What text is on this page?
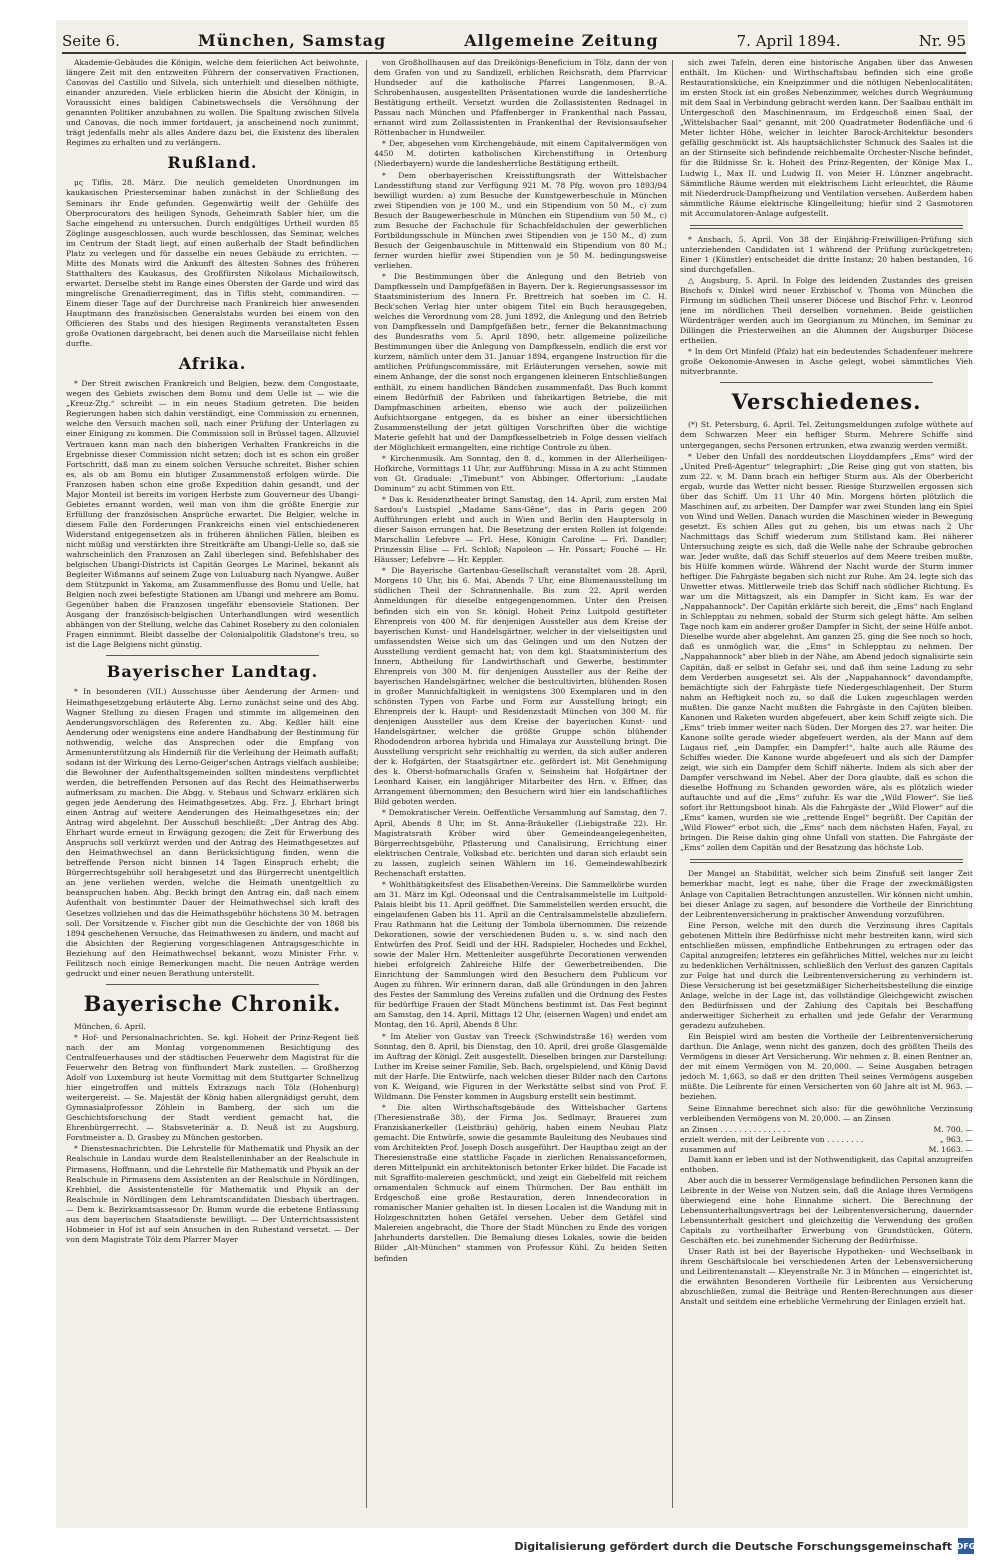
Seite 6.	München, Samstag	Allgemeine Zeitung	7. April 1894.	Nr. 95

Akademie-Gebäudes die Königin, welche dem feierlichen Act beiwohnte, längere Zeit mit den entzweiten Führern der conservativen Fractionen, Canovas del Castillo und Silvela, sich unterhielt und dieselben nöthigte, einander anzureden. Viele erblicken hierin die Absicht der Königin, in Voraussicht eines baldigen Cabinetswechsels die Versöhnung der genannten Politiker anzubahnen zu wollen. Die Spaltung zwischen Silvela und Canovas, die noch immer fortdauert, ja anscheinend noch zunimmt, trägt jedenfalls mehr als alles Andere dazu bei, die Existenz des liberalen Regimes zu erhalten und zu verlängern.

Rußland.

μς Tiflis, 28. März. Die neulich gemeldeten Unordnungen im kaukasischen Priesterseminar haben zunächst in der Schließung des Seminars ihr Ende gefunden. Gegenwärtig weilt der Gehülfe des Oberprocurators des heiligen Synods, Geheimrath Sabler hier, um die Sache eingehend zu untersuchen. Durch endgültiges Urtheil wurden 85 Zöglinge ausgeschlossen, auch wurde beschlossen, das Seminar, welches im Centrum der Stadt liegt, auf einen außerhalb der Stadt befindlichen Platz zu verlegen und für dasselbe ein neues Gebäude zu errichten. — Mitte des Monats wird die Ankunft des ältesten Sohnes des früheren Statthalters des Kaukasus, des Großfürsten Nikolaus Michailowitsch, erwartet. Derselbe steht im Range eines Obersten der Garde und wird das mingrelische Grenadierregiment, das in Tiflis steht, commandiren. — Einem dieser Tage auf der Durchreise nach Frankreich hier anwesenden Hauptmann des französischen Generalstabs wurden bei einem von den Officieren des Stabs und des hiesigen Regiments veranstalteten Essen große Ovationen dargebracht, bei denen auch die Marseillaise nicht fehlen durfte.

Afrika.

* Der Streit zwischen Frankreich und Belgien, bezw. dem Congostaate, wegen des Gebiets zwischen dem Bomu und dem Uelle ist — wie die „Kreuz-Ztg.“ schreibt — in ein neues Stadium getreten. Die beiden Regierungen haben sich dahin verständigt, eine Commission zu ernennen, welche den Versuch machen soll, nach einer Prüfung der Unterlagen zu einer Einigung zu kommen. Die Commission soll in Brüssel tagen. Allzuviel Vertrauen kann man nach den bisherigen Verhalten Frankreichs in die Ergebnisse dieser Commission nicht setzen; doch ist es schon ein großer Fortschritt, daß man zu einem solchen Versuche schreitet. Bisher schien es, als ob am Bomu ein blutiger Zusammenstoß erfolgen würde. Die Franzosen haben schon eine große Expedition dahin gesandt, und der Major Monteil ist bereits im vorigen Herbste zum Gouverneur des Ubangi-Gebietes ernannt worden, weil man von ihm die größte Energie zur Erfüllung der französischen Ansprüche erwartet. Die Belgier, welche in diesem Falle den Forderungen Frankreichs einen viel entschiedeneren Widerstand entgegensetzen als in früheren ähnlichen Fällen, bleiben es nicht müßig und verstärkten ihre Streitkräfte am Ubangi-Uelle so, daß sie wahrscheinlich den Franzosen an Zahl überlegen sind. Befehlshaber des belgischen Ubangi-Districts ist Capitän Georges Le Marinel, bekannt als Begleiter Wißmanns auf seinem Zuge von Luluaburg nach Nyangwe. Außer dem Stützpunkt in Yakoma, am Zusammenflusse des Bomu und Uelle, hat Belgien noch zwei befestigte Stationen am Ubangi und mehrere am Bomu. Gegenüber haben die Franzosen ungefähr ebensoviele Stationen. Der Ausgang der französisch-belgischen Unterhandlungen wird wesentlich abhängen von der Stellung, welche das Cabinet Rosebery zu den colonialen Fragen einnimmt. Bleibt dasselbe der Colonialpolitik Gladstone's treu, so ist die Lage Belgiens nicht günstig.

Bayerischer Landtag.

* In besonderen (VII.) Ausschusse über Aenderung der Armen- und Heimathgesetzgebung erläuterte Abg. Lerno zunächst seine und des Abg. Wagner Stellung zu diesen Fragen und stimmte im allgemeinen den Aenderungsvorschlägen des Referenten zu. Abg. Keßler hält eine Aenderung oder wenigstens eine andere Handhabung der Bestimmung für nothwendig, welche das Ansprechen oder die Empfang von Armenunterstützung als Hinderniß für die Verleihung der Heimath auffaßt; sodann ist der Wirkung des Lerno-Geiger'schen Antrags vielfach ausbleibe; die Bewohner der Aufenthaltsgemeinden sollten mindestens verpflichtet werden, die betreffenden Personen auf das Recht des Heimathserwerbs aufmerksam zu machen. Die Abgg. v. Stebaus und Schwarz erklären sich gegen jede Aenderung des Heimathgesetzes. Abg. Frz. J. Ehrhart bringt einen Antrag auf weitere Aenderungen des Heimathgesetzes ein; der Antrag wird abgelehnt. Der Ausschuß beschließt: „Der Antrag des Abg. Ehrhart wurde erneut in Erwägung gezogen; die Zeit für Erwerbung des Anspruchs soll verkürzt werden und der Antrag des Heimathgesetzes auf den Heimathwechsel an dann Berücksichtigung finden, wenn die betreffende Person nicht binnen 14 Tagen Einspruch erhebt; die Bürgerrechtsgebühr soll herabgesetzt und das Bürgerrecht unentgeltlich an jene verliehen werden, welche die Heimath unentgeltlich zu beanspruchen haben. Abg. Beckh bringt den Antrag ein, daß nach einem Aufenthalt von bestimmter Dauer der Heimathwechsel sich kraft des Gesetzes vollziehen und das die Heimathsgebühr höchstens 30 M. betragen soll. Der Vorsitzende v. Fischer gibt nun die Geschichte der von 1868 bis 1894 geschehenen Versuche, das Heimathwesen zu ändern, und macht auf die Absichten der Regierung vorgeschlagenen Antragsgeschichte in Beziehung auf den Heimathwechsel bekannt, wozu Minister Frhr. v. Feilitzsch noch einige Bemerkungen macht. Die neuen Anträge werden gedruckt und einer neuen Berathung unterstellt.

Bayerische Chronik.

München, 6. April.

* Hof- und Personalnachrichten. Se. kgl. Hoheit der Prinz-Regent ließ nach der am Montag vorgenommenen Besichtigung des Centralfeuerhauses und der städtischen Feuerwehr dem Magistrat für die Feuerwehr den Betrag von fünfhundert Mark zustellen. — Großherzog Adolf von Luxemburg ist heute Vormittag mit dem Stuttgarter Schnellzug hier eingetroffen und mittels Extrazugs nach Tölz (Hohenburg) weitergereist. — Se. Majestät der König haben allergnädigst geruht, dem Gymnasialprofessor Zöhlein in Bamberg, der sich um die Geschichtsforschung der Stadt verdient gemacht hat, die Ehrenbürgerrecht. — Stabsveterinär a. D. Neuß ist zu Augsburg, Forstmeister a. D. Grasbey zu München gestorben.

* Dienstesnachrichten. Die Lehrstelle für Mathematik und Physik an der Realschule in Landau wurde dem Realstelleninhaber an der Realschule in Pirmasens, Hoffmann, und die Lehrstelle für Mathematik und Physik an der Realschule in Pirmasens dem Assistenten an der Realschule in Nördlingen, Krehbiel, die Assistentenstelle für Mathematik und Physik an der Realschule in Nördlingen dem Lehramtscandidaten Diesbach übertragen. — Dem k. Bezirksamtsassessor Dr. Bumm wurde die erbetene Entlassung aus dem bayerischen Staatsdienste bewilligt. — Der Unterrichtsassistent Hobmeier in Hof ist auf sein Ansuchen in den Ruhestand versetzt. — Der von dem Magistrate Tölz dem Pfarrer Mayer

von Großhollhausen auf das Dreikönigs-Beneficium in Tölz, dann der von dem Grafen von und zu Sandizell, erblichen Reichsrath, dem Pfarrvicar Hundseder auf die katholische Pfarrei Langenmosen, B.-A. Schrobenhausen, ausgestellten Präsentationen wurde die landesherrliche Bestätigung ertheilt. Versetzt wurden die Zollassistenten Rednagel in Passau nach München und Pfaffenberger in Frankenthal nach Passau, ernannt wird zum Zollassistenten in Frankenthal der Revisionsaufseher Röttenbacher in Hundweiler.

* Der, abgesehen vom Kirchengebäude, mit einem Capitalvermögen von 4450 M. dotirten katholischen Kirchenstiftung in Ortenburg (Niederbayern) wurde die landesherrliche Bestätigung ertheilt.

* Dem oberbayerischen Kreisstiftungsrath der Wittelsbacher Landesstiftung stand zur Verfügung 921 M. 78 Pfg. wovon pro 1893/94 bewilligt wurden: a) zum Besuche der Kunstgewerbeschule in München zwei Stipendien von je 100 M., und ein Stipendium von 50 M., c) zum Besuch der Baugewerbeschule in München ein Stipendium von 50 M., c) zum Besuche der Fachschule für Schachfeldschulen der gewerblichen Fortbildungsschule in München zwei Stipendien von je 150 M., d) zum Besuch der Geigenbauschule in Mittenwald ein Stipendium von 80 M.; ferner wurden hiefür zwei Stipendien von je 50 M. bedingungsweise verliehen.

* Die Bestimmungen über die Anlegung und den Betrieb von Dampfkesseln und Dampfgefäßen in Bayern. Der k. Regierungsassessor im Staatsministerium des Innern Fr. Brettreich hat soeben im C. H. Beck'schen Verlag hier unter obigem Titel ein Buch herausgegeben, welches die Verordnung vom 28. Juni 1892, die Anlegung und den Betrieb von Dampfkesseln und Dampfgefäßen betr., ferner die Bekanntmachung des Bundesraths vom 5. April 1890, betr. allgemeine polizeiliche Bestimmungen über die Anlegung von Dampfkesseln, endlich die erst vor kurzem, nämlich unter dem 31. Januar 1894, ergangene Instruction für die amtlichen Prüfungscommissäre, mit Erläuterungen versehen, sowie mit einem Anhange, der die sonst noch ergangenen kleineren Entschließungen enthält, zu einem handlichen Bändchen zusammenfaßt. Das Buch kommt einem Bedürfniß der Fabriken und fabrikartigen Betriebe, die mit Dampfmaschinen arbeiten, ebenso wie auch der polizeilichen Aufsichtsorgane entgegen, da es bisher an einer übersichtlichen Zusammenstellung der jetzt gültigen Vorschriften über die wichtige Materie gefehlt hat und der Dampfkesselbetrieb in Folge dessen vielfach der Möglichkeit ermangelten, eine richtige Controle zu üben.

* Kirchenmusik. Am Sonntag, den 8. d., kommen in der Allerheiligen-Hofkirche, Vormittags 11 Uhr, zur Aufführung: Missa in A zu acht Stimmen von Gt. Graduale: „Timebunt“ von Abbinger. Offertorium: „Laudate Dominum“ zu acht Stimmen von Ett.

* Das k. Residenztheater bringt Samstag, den 14. April, zum ersten Mal Sardou's Lustspiel „Madame Sans-Gêne“, das in Paris gegen 200 Aufführungen erlebt und auch in Wien und Berlin den Hauptersolg in dieser Saison errungen hat. Die Besetzung der ersten Rollen ist folgende: Marschallin Lefebvre — Frl. Hese, Königin Caroline — Frl. Dandler; Prinzessin Elise — Frl. Schloß; Napoleon — Hr. Possart; Fouché — Hr. Häusser; Lefebvre — Hr. Keppler.

* Die Bayerische Gartenbau-Gesellschaft veranstaltet vom 28. April, Morgens 10 Uhr, bis 6. Mai, Abends 7 Uhr, eine Blumenausstellung im südlichen Theil der Schrannenhalle. Bis zum 22. April werden Anmeldungen für dieselbe entgegengenommen. Unter den Preisen befinden sich ein von Sr. königl. Hoheit Prinz Luitpold gestifteter Ehrenpreis von 400 M. für denjenigen Aussteller aus dem Kreise der bayerischen Kunst- und Handelsgärtner, welcher in der vielseitigsten und umfassendsten Weise sich um das Gelingen und um den Nutzen der Ausstellung verdient gemacht hat; von dem kgl. Staatsministerium des Innern, Abtheilung für Landwirthschaft und Gewerbe, bestimmter Ehrenpreis von 300 M. für denjenigen Aussteller aus der Reihe der bayerischen Handelsgärtner, welcher die bestcultivirten, blühenden Rosen in großer Mannichfaltigkeit in wenigstens 300 Exemplaren und in den schönsten Typen von Farbe und Form zur Ausstellung bringt; ein Ehrenpreis der k. Haupt- und Residenzstadt München von 300 M. für denjenigen Aussteller aus dem Kreise der bayerischen Kunst- und Handelsgärtner, welcher die größte Gruppe schön blühender Rhododendron arborea hybrida und Himalaya zur Ausstellung bringt. Die Ausstellung verspricht sehr reichhaltig zu werden, da sich außer anderen der k. Hofgärten, der Staatsgärtner etc. gefördert ist. Mit Genehmigung des k. Oberst-hofmarschalls Grafen v. Seinsheim hat Hofgärtner der Leonhard Kaiser, ein langjähriger Mitarbeiter des Hrn. v. Effner, das Arrangement übernommen; den Besuchern wird hier ein landschaftliches Bild geboten werden.

* Demokratischer Verein. Oeffentliche Versammlung auf Samstag, den 7. April, Abends 8 Uhr, im St. Anna-Bräukeller (Liebigstraße 22). Hr. Magistratsrath Kröber wird über Gemeindeangelegenheiten, Bürgerrechtsgebühr, Pflasterung und Canalisirung, Errichtung einer elektrischen Centrale, Volksbad etc. berichten und daran sich erlaubt sein zu lassen, zugleich seinen Wählern im 16. Gemeindewahlbezirk Rechenschaft erstatten.

* Wohlthätigkeitsfest des Elisabethen-Vereins. Die Sammelkörbe wurden am 31. März im Kgl. Odeonsaal und die Centralsammelstelle im Luitpold-Palais bleibt bis 11. April geöffnet. Die Sammelstellen werden ersucht, die eingelaufenen Gaben bis 11. April an die Centralsammelstelle abzuliefern. Frau Rathmann hat die Leitung der Tombola übernommen. Die reizende Dekorationen, sowie der verschiedenen Buden u. s. w. sind nach den Entwürfen des Prof. Seidl und der HH. Radspieler, Hochedes und Eckhel, sowie der Maler Hrn. Mettenleiter ausgeführte Decorationen verwenden hiebei erfolgreich Zahlreiche Hilfe der Gewerbetreibenden. Die Einrichtung der Sammlungen wird den Besuchern dem Publicum vor Augen zu führen. Wir erinnern daran, daß alle Gründungen in den Jahren des Festes der Sammlung des Vereins zufallen und die Ordnung des Festes für bedürftige Frauen der Stadt Münchens bestimmt ist. Das Fest beginnt am Samstag, den 14. April, Mittags 12 Uhr, (eisernen Wagen) und endet am Montag, den 16. April, Abends 8 Uhr.

* Im Atelier von Gustav van Treeck (Schwindstraße 16) werden vom Sonntag, den 8. April, bis Dienstag, den 10. April, drei große Glasgemälde im Auftrag der Königl. Zeit ausgestellt. Dieselben bringen zur Darstellung: Luther im Kreise seiner Familie, Seb. Bach, orgelspielend, und König David mit der Harfe. Die Entwürfe, nach welchen dieser Bilder nach den Cartons von K. Weigand, wie Figuren in der Werkstätte selbst sind von Prof. F. Wildmann. Die Fenster kommen in Augsburg erstellt sein bestimmt.

* Die alten Wirthschaftsgebäude des Wittelsbacher Gartens (Theresienstraße 38), der Firma Jos. Sedlmayr, Brauerei zum Franziskanerkeller (Leistbräu) gehörig, haben einem Neubau Platz gemacht. Die Entwürfe, sowie die gesammte Bauleitung des Neubaues sind vom Architekten Prof. Joseph Dosch ausgeführt. Der Hauptbau zeigt an der Theresienstraße eine stattliche Façade in zierlichen Renaissanceformen, deren Mittelpunkt ein architektonisch betonter Erker bildet. Die Facade ist mit Sgraffito-malereien geschmückt, und zeigt ein Giebelfeld mit reichem ornamentalen Schmuck auf einem Thürmchen. Der Bau enthält im Erdgeschoß eine große Restauration, deren Innendecoration in romanischer Manier gehalten ist. In diesen Localen ist die Wandung mit in Holzgeschnitzten hohen Getäfel versehen. Ueber dem Getäfel sind Malereien angebracht, die Thore der Stadt München zu Ende des vorigen Jahrhunderts darstellen. Die Bemalung dieses Lokales, sowie die beiden Bilder „Alt-München“ stammen von Professor Kühl. Zu beiden Seiten befinden

sich zwei Tafeln, deren eine historische Angaben über das Anwesen enthält. Im Küchen- und Wirthschaftsbau befinden sich eine große Restaurationsküche, ein Kneipzimmer und die nöthigen Nebenlocalitäten; im ersten Stock ist ein großes Nebenzimmer, welches durch Wegräumung mit dem Saal in Verbindung gebracht werden kann. Der Saalbau enthält im Untergeschoß den Maschinenraum, im Erdgeschoß einen Saal, der „Wittelsbacher Saal“ genannt, mit 200 Quadratmeter Bodenfläche und 6 Meter lichter Höhe, welcher in leichter Barock-Architektur besonders gefällig geschmückt ist. Als hauptsächlichster Schmuck des Saales ist die an der Stirnseite sich befindende reichbemalte Orchester-Nische befindet, für die Bildnisse Sr. k. Hoheit des Prinz-Regenten, der Könige Max I., Ludwig I., Max II. und Ludwig II. von Meier H. Lünzner angebracht. Sämmtliche Räume werden mit elektrischem Licht erleuchtet, die Räume mit Niederdruck-Dampfheizung und Ventilation versehen. Außerdem haben sämmtliche Räume elektrische Klingelleitung; hiefür sind 2 Gasmotoren mit Accumulatoren-Anlage aufgestellt.

* Ansbach, 5. April. Von 38 der Einjährig-Freiwilligen-Prüfung sich unterziehenden Candidaten ist 1 während der Prüfung zurückgetreten; Einer 1 (Künstler) entscheidet die dritte Instanz; 20 haben bestanden, 16 sind durchgefallen.

△ Augsburg, 5. April. In Folge des leidenden Zustandes des greisen Bischofs v. Dinkel wird neuer Erzbischof v. Thoma von München die Firmung im südlichen Theil unserer Diöcese und Bischof Frhr. v. Leonrod jene im nördlichen Theil derselben vornehmen. Beide geistlichen Würdenträger werden auch im Georgianum zu München, im Seminar zu Dillingen die Priesterweihen an die Alumnen der Augsburger Diöcese ertheilen.

* In dem Ort Minfeld (Pfalz) hat ein bedeutendes Schadenfeuer mehrere große Oekonomie-Anwesen in Asche gelegt, wobei sämmtliches Vieh mitverbrannte.

Verschiedenes.

(*) St. Petersburg, 6. April. Tel. Zeitungsmeldungen zufolge wüthete auf dem Schwarzen Meer ein heftiger Sturm. Mehrere Schiffe sind untergegangen, sechs Personen ertrunken, etwa zwanzig werden vermißt.

* Ueber den Unfall des norddeutschen Lloyddampfers „Ems“ wird der „United Preß-Agentur“ telegraphirt: „Die Reise ging gut von statten, bis zum 22. v. M. Dann brach ein heftiger Sturm aus. Als der Oberbericht ergab, wurde das Wetter nicht besser. Riesige Sturzwellen ergossen sich über das Schiff. Um 11 Uhr 40 Min. Morgens hörten plötzlich die Maschinen auf, zu arbeiten. Der Dampfer war zwei Stunden lang ein Spiel von Wind und Wellen. Danach wurden die Maschinen wieder in Bewegung gesetzt. Es schien Alles gut zu gehen, bis um etwas nach 2 Uhr Nachmittags das Schiff wiederum zum Stillstand kam. Bei näherer Untersuchung zeigte es sich, daß die Welle nahe der Schraube gebrochen war. Jeder wußte, daß das Schiff steuerlos auf dem Meere treiben mußte, bis Hülfe kommen würde. Während der Nacht wurde der Sturm immer heftiger. Die Fahrgäste begaben sich nicht zur Ruhe. Am 24. legte sich das Unwetter etwas. Mittlerweile trieb das Schiff nach südlicher Richtung. Es war um die Mittagszeit, als ein Dampfer in Sicht kam. Es war der „Nappahannock“. Der Capitän erklärte sich bereit, die „Ems“ nach England in Schlepptau zu nehmen, sobald der Sturm sich gelegt hätte. Am selben Tage noch kam ein anderer großer Dampfer in Sicht, der seine Hülfe anbot. Dieselbe wurde aber abgelehnt. Am ganzen 25. ging die See noch so hoch, daß es unmöglich war, die „Ems“ in Schlepptau zu nehmen. Der „Nappahannock“ aber blieb in der Nähe, am Abend jedoch signalisirte sein Capitän, daß er selbst in Gefahr sei, und daß ihm seine Ladung zu sehr dem Verderben ausgesetzt sei. Als der „Nappahannock“ davondampfte, bemächtigte sich der Fahrgäste tiefe Niedergeschlagenheit. Der Sturm nahm an Heftigkeit noch zu, so daß die Luken zugeschlagen werden mußten. Die ganze Nacht mußten die Fahrgäste in den Cajüten bleiben. Kanonen und Raketen wurden abgefeuert, aber kein Schiff zeigte sich. Die „Ems“ trieb immer weiter nach Süden. Der Morgen des 27. war heiter. Die Kanone sollte gerade wieder abgefeuert werden, als der Mann auf dem Lugaus rief, „ein Dampfer, ein Dampfer!“, halte auch alle Räume des Schiffes wieder. Die Kanone wurde abgefeuert und als sich der Dampfer zeigt, wie sich ein Dampfer dem Schiff näherte. Indem als sich aber der Dampfer verschwand im Nebel. Aber der Dora glaubte, daß es schon die dieselbe Hoffnung zu Schanden geworden wäre, als es plötzlich wieder auftauchte und auf die „Ems“ zufuhr. Es war die „Wild Flower“. Sie ließ sofort ihr Rettungsboot hinab. Als die Fahrgäste der „Wild Flower“ auf die „Ems“ kamen, wurden sie wie „rettende Engel“ begrüßt. Der Capitän der „Wild Flower“ erbot sich, die „Ems“ nach dem nächsten Hafen, Fayal, zu bringen. Die Reise dahin ging ohne Unfall von statten. Die Fahrgäste der „Ems“ zollen dem Capitän und der Besatzung das höchste Lob.

Der Mangel an Stabilität, welcher sich beim Zinsfuß seit langer Zeit bemerkbar macht, legt es nahe, über die Frage der zweckmäßigsten Anlage von Capitalien Betrachtungen anzustellen. Wir können nicht umhin, bei dieser Anlage zu sagen, auf besondere die Vortheile der Einrichtung der Leibrentenversicherung in praktischer Anwendung vorzuführen.

Eine Person, welche mit den durch die Verzinsung ihres Capitals gebotenen Mitteln ihre Bedürfnisse nicht mehr bestreiten kann, wird sich entschließen müssen, empfindliche Entbehrungen zu ertragen oder das Capital anzugreifen; letzteres ein gefährliches Mittel, welches nur zu leicht zu bedenklichen Verhältnissen, schließlich den Verlust des ganzen Capitals zur Folge hat und durch die Leibrentenversicherung zu verhindern ist. Diese Versicherung ist bei gesetzmäßiger Sicherheitsbestellung die einzige Anlage, welche in der Lage ist, das vollständige Gleichgewicht zwischen den Bedürfnissen und der Zahlung des Capitals bei Beschaffung anderweitiger Sicherheit zu erhalten und jede Gefahr der Verarmung geradezu aufzuheben.

Ein Beispiel wird am besten die Vortheile der Leibrentenversicherung darthun. Die Anlage, wenn nicht des ganzen, doch des größten Theils des Vermögens in dieser Art Versicherung. Wir nehmen z. B. einen Rentner an, der mit einem Vermögen von M. 20,000. — Seine Ausgaben betragen jedoch M. 1,663, so daß er den dritten Theil seines Vermögens ausgeben müßte. Die Leibrente für einen Versicherten von 60 Jahre alt ist M. 963. — beziehen.

Seine Einnahme berechnet sich also: für die gewöhnliche Verzinsung verbleibenden Vermögens von M. 20,000. — an Zinsen

an Zinsen . . . . . . . . . . . . . . .	M. 700. —
erzielt werden, mit der Leibrente von . . . . . . . .	„ 963. —
zusammen auf	M. 1663. —

Damit kann er leben und ist der Nothwendigkeit, das Capital anzugreifen enthoben.

Aber auch die in besserer Vermögenslage befindlichen Personen kann die Leibrente in der Weise von Nutzen sein, daß die Anlage ihres Vermögens überwiegend eine hohe Einnahme sichert. Die Berechnung der Lebensunterhaltungsvertrags bei der Leibrentenversicherung, dauernder Lebensunterhalt gesichert und gleichzeitig die Verwendung des großen Capitals zu vortheilhafter Erwerbung von Grundstücken, Gütern, Geschäften etc. bei zunehmender Sicherung der Bedürfnisse.

Unser Rath ist bei der Bayerische Hypotheken- und Wechselbank in ihrem Geschäftslocale bei verschiedenen Arten der Lebensversicherung und Leibrentenanstalt — Kleyenstraße Nr. 3 in München — eingerichtet ist, die erwähnten Besonderen Vortheile für Leibrenten aus Versicherung abzuschließen, zumal die Beiträge und Renten-Berechnungen aus dieser Anstalt und seitdem eine erhebliche Vermehrung der Einlagen erzielt hat.

Digitalisierung gefördert durch die Deutsche Forschungsgemeinschaft DFG
